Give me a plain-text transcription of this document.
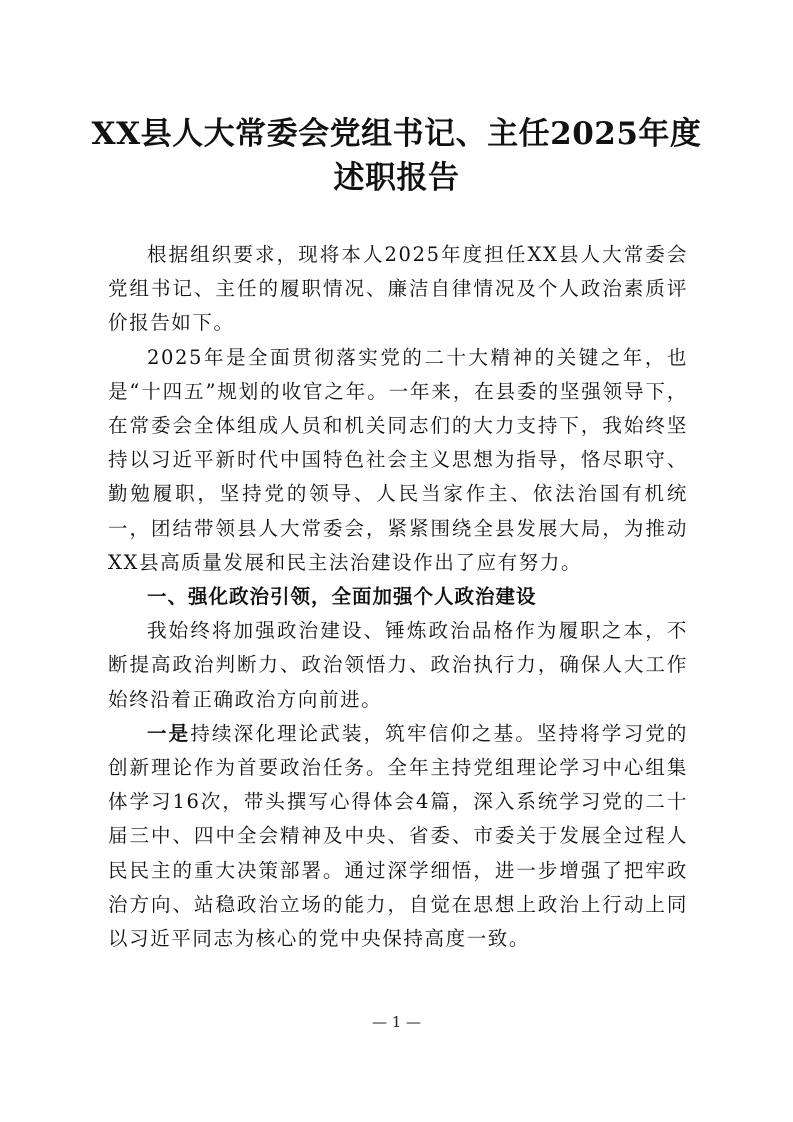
XX县人大常委会党组书记、主任2025年度述职报告

根据组织要求，现将本人2025年度担任XX县人大常委会党组书记、主任的履职情况、廉洁自律情况及个人政治素质评价报告如下。

2025年是全面贯彻落实党的二十大精神的关键之年，也是“十四五”规划的收官之年。一年来，在县委的坚强领导下，在常委会全体组成人员和机关同志们的大力支持下，我始终坚持以习近平新时代中国特色社会主义思想为指导，恪尽职守、勤勉履职，坚持党的领导、人民当家作主、依法治国有机统一，团结带领县人大常委会，紧紧围绕全县发展大局，为推动XX县高质量发展和民主法治建设作出了应有努力。

一、强化政治引领，全面加强个人政治建设

我始终将加强政治建设、锤炼政治品格作为履职之本，不断提高政治判断力、政治领悟力、政治执行力，确保人大工作始终沿着正确政治方向前进。

一是持续深化理论武装，筑牢信仰之基。坚持将学习党的创新理论作为首要政治任务。全年主持党组理论学习中心组集体学习16次，带头撰写心得体会4篇，深入系统学习党的二十届三中、四中全会精神及中央、省委、市委关于发展全过程人民民主的重大决策部署。通过深学细悟，进一步增强了把牢政治方向、站稳政治立场的能力，自觉在思想上政治上行动上同以习近平同志为核心的党中央保持高度一致。

— 1 —
